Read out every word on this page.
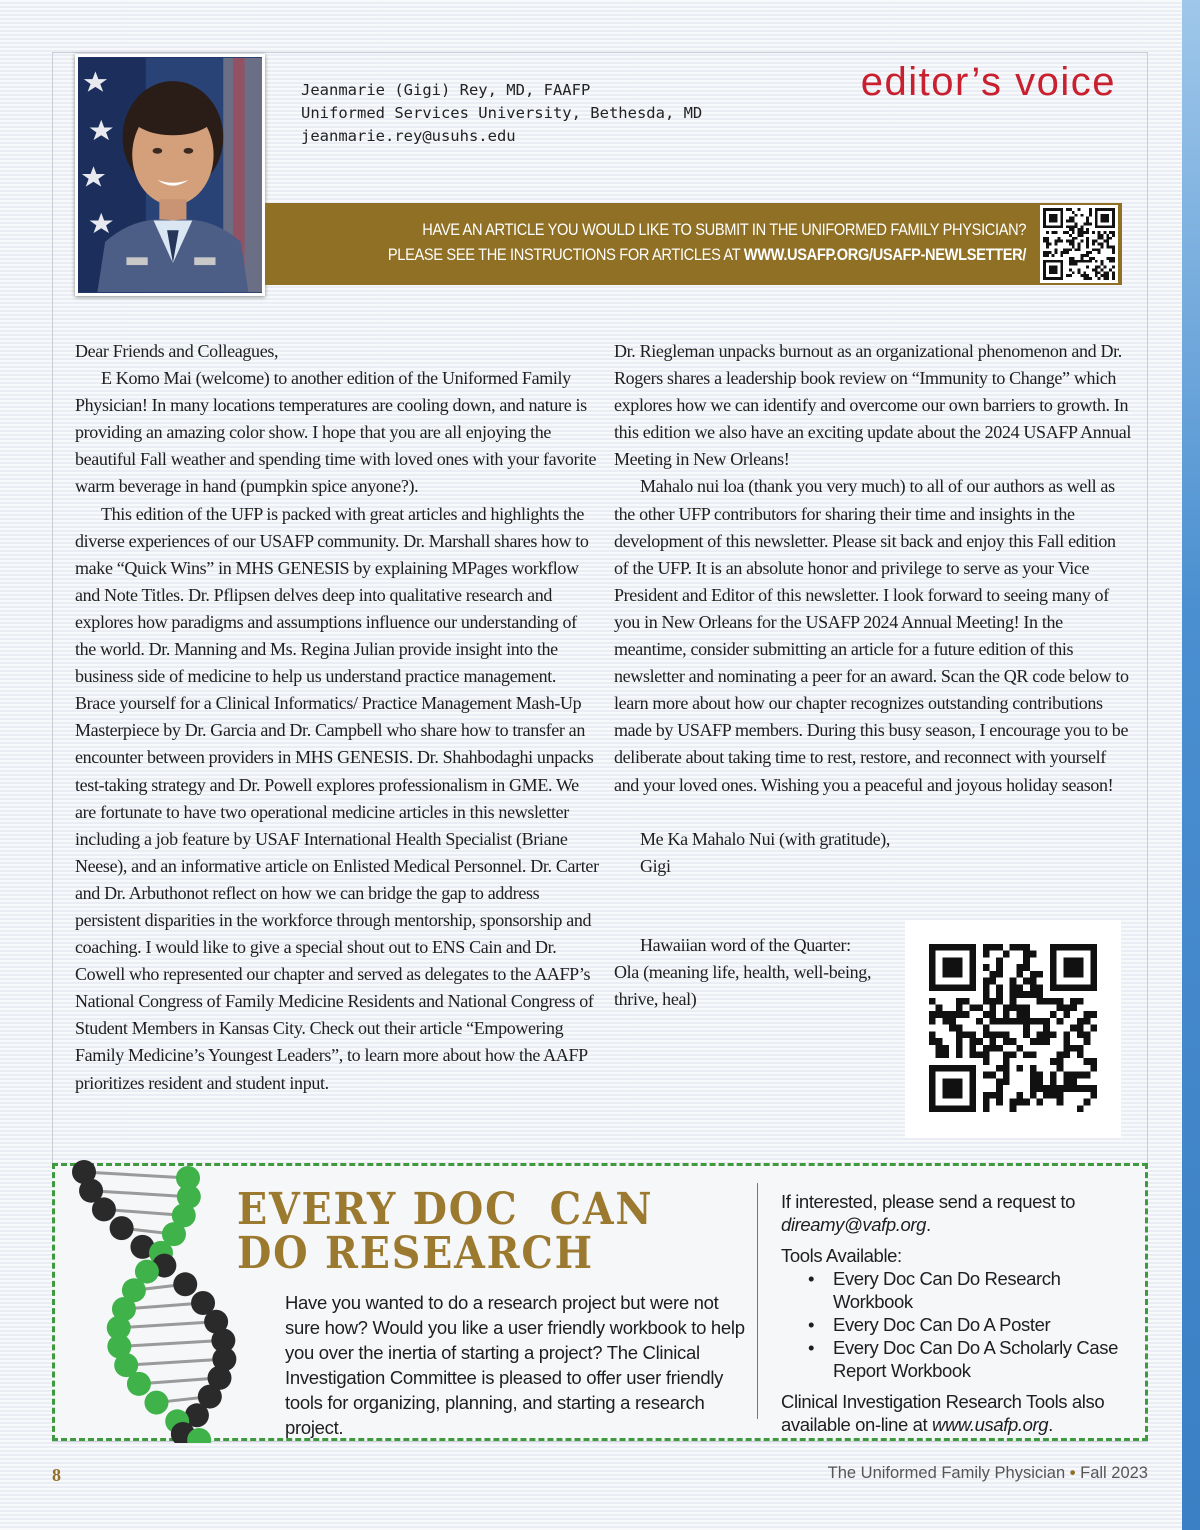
Jeanmarie (Gigi) Rey, MD, FAAFP
Uniformed Services University, Bethesda, MD
jeanmarie.rey@usuhs.edu
editor’s voice
HAVE AN ARTICLE YOU WOULD LIKE TO SUBMIT IN THE UNIFORMED FAMILY PHYSICIAN?
PLEASE SEE THE INSTRUCTIONS FOR ARTICLES AT WWW.USAFP.ORG/USAFP-NEWLSETTER/

Dear Friends and Colleagues,

E Komo Mai (welcome) to another edition of the Uniformed Family Physician! In many locations temperatures are cooling down, and nature is providing an amazing color show. I hope that you are all enjoying the beautiful Fall weather and spending time with loved ones with your favorite warm beverage in hand (pumpkin spice anyone?).

This edition of the UFP is packed with great articles and highlights the diverse experiences of our USAFP community. Dr. Marshall shares how to make “Quick Wins” in MHS GENESIS by explaining MPages workflow and Note Titles. Dr. Pflipsen delves deep into qualitative research and explores how paradigms and assumptions influence our understanding of the world. Dr. Manning and Ms. Regina Julian provide insight into the business side of medicine to help us understand practice management. Brace yourself for a Clinical Informatics/ Practice Management Mash-Up Masterpiece by Dr. Garcia and Dr. Campbell who share how to transfer an encounter between providers in MHS GENESIS. Dr. Shahbodaghi unpacks test-taking strategy and Dr. Powell explores professionalism in GME. We are fortunate to have two operational medicine articles in this newsletter including a job feature by USAF International Health Specialist (Briane Neese), and an informative article on Enlisted Medical Personnel. Dr. Carter and Dr. Arbuthonot reflect on how we can bridge the gap to address persistent disparities in the workforce through mentorship, sponsorship and coaching. I would like to give a special shout out to ENS Cain and Dr. Cowell who represented our chapter and served as delegates to the AAFP’s National Congress of Family Medicine Residents and National Congress of Student Members in Kansas City. Check out their article “Empowering Family Medicine’s Youngest Leaders”, to learn more about how the AAFP prioritizes resident and student input.

Dr. Riegleman unpacks burnout as an organizational phenomenon and Dr. Rogers shares a leadership book review on “Immunity to Change” which explores how we can identify and overcome our own barriers to growth. In this edition we also have an exciting update about the 2024 USAFP Annual Meeting in New Orleans!

Mahalo nui loa (thank you very much) to all of our authors as well as the other UFP contributors for sharing their time and insights in the development of this newsletter. Please sit back and enjoy this Fall edition of the UFP. It is an absolute honor and privilege to serve as your Vice President and Editor of this newsletter. I look forward to seeing many of you in New Orleans for the USAFP 2024 Annual Meeting! In the meantime, consider submitting an article for a future edition of this newsletter and nominating a peer for an award. Scan the QR code below to learn more about how our chapter recognizes outstanding contributions made by USAFP members. During this busy season, I encourage you to be deliberate about taking time to rest, restore, and reconnect with yourself and your loved ones. Wishing you a peaceful and joyous holiday season!

Me Ka Mahalo Nui (with gratitude),

Gigi

Hawaiian word of the Quarter:

Ola (meaning life, health, well-being, thrive, heal)

EVERY DOC  CAN
DO RESEARCH
Have you wanted to do a research project but were not sure how? Would you like a user friendly workbook to help you over the inertia of starting a project? The Clinical Investigation Committee is pleased to offer user friendly tools for organizing, planning, and starting a research project.
If interested, please send a request to
direamy@vafp.org.
Tools Available:
• Every Doc Can Do Research Workbook
• Every Doc Can Do A Poster
• Every Doc Can Do A Scholarly Case Report Workbook
Clinical Investigation Research Tools also available on-line at www.usafp.org.
8	The Uniformed Family Physician • Fall 2023
